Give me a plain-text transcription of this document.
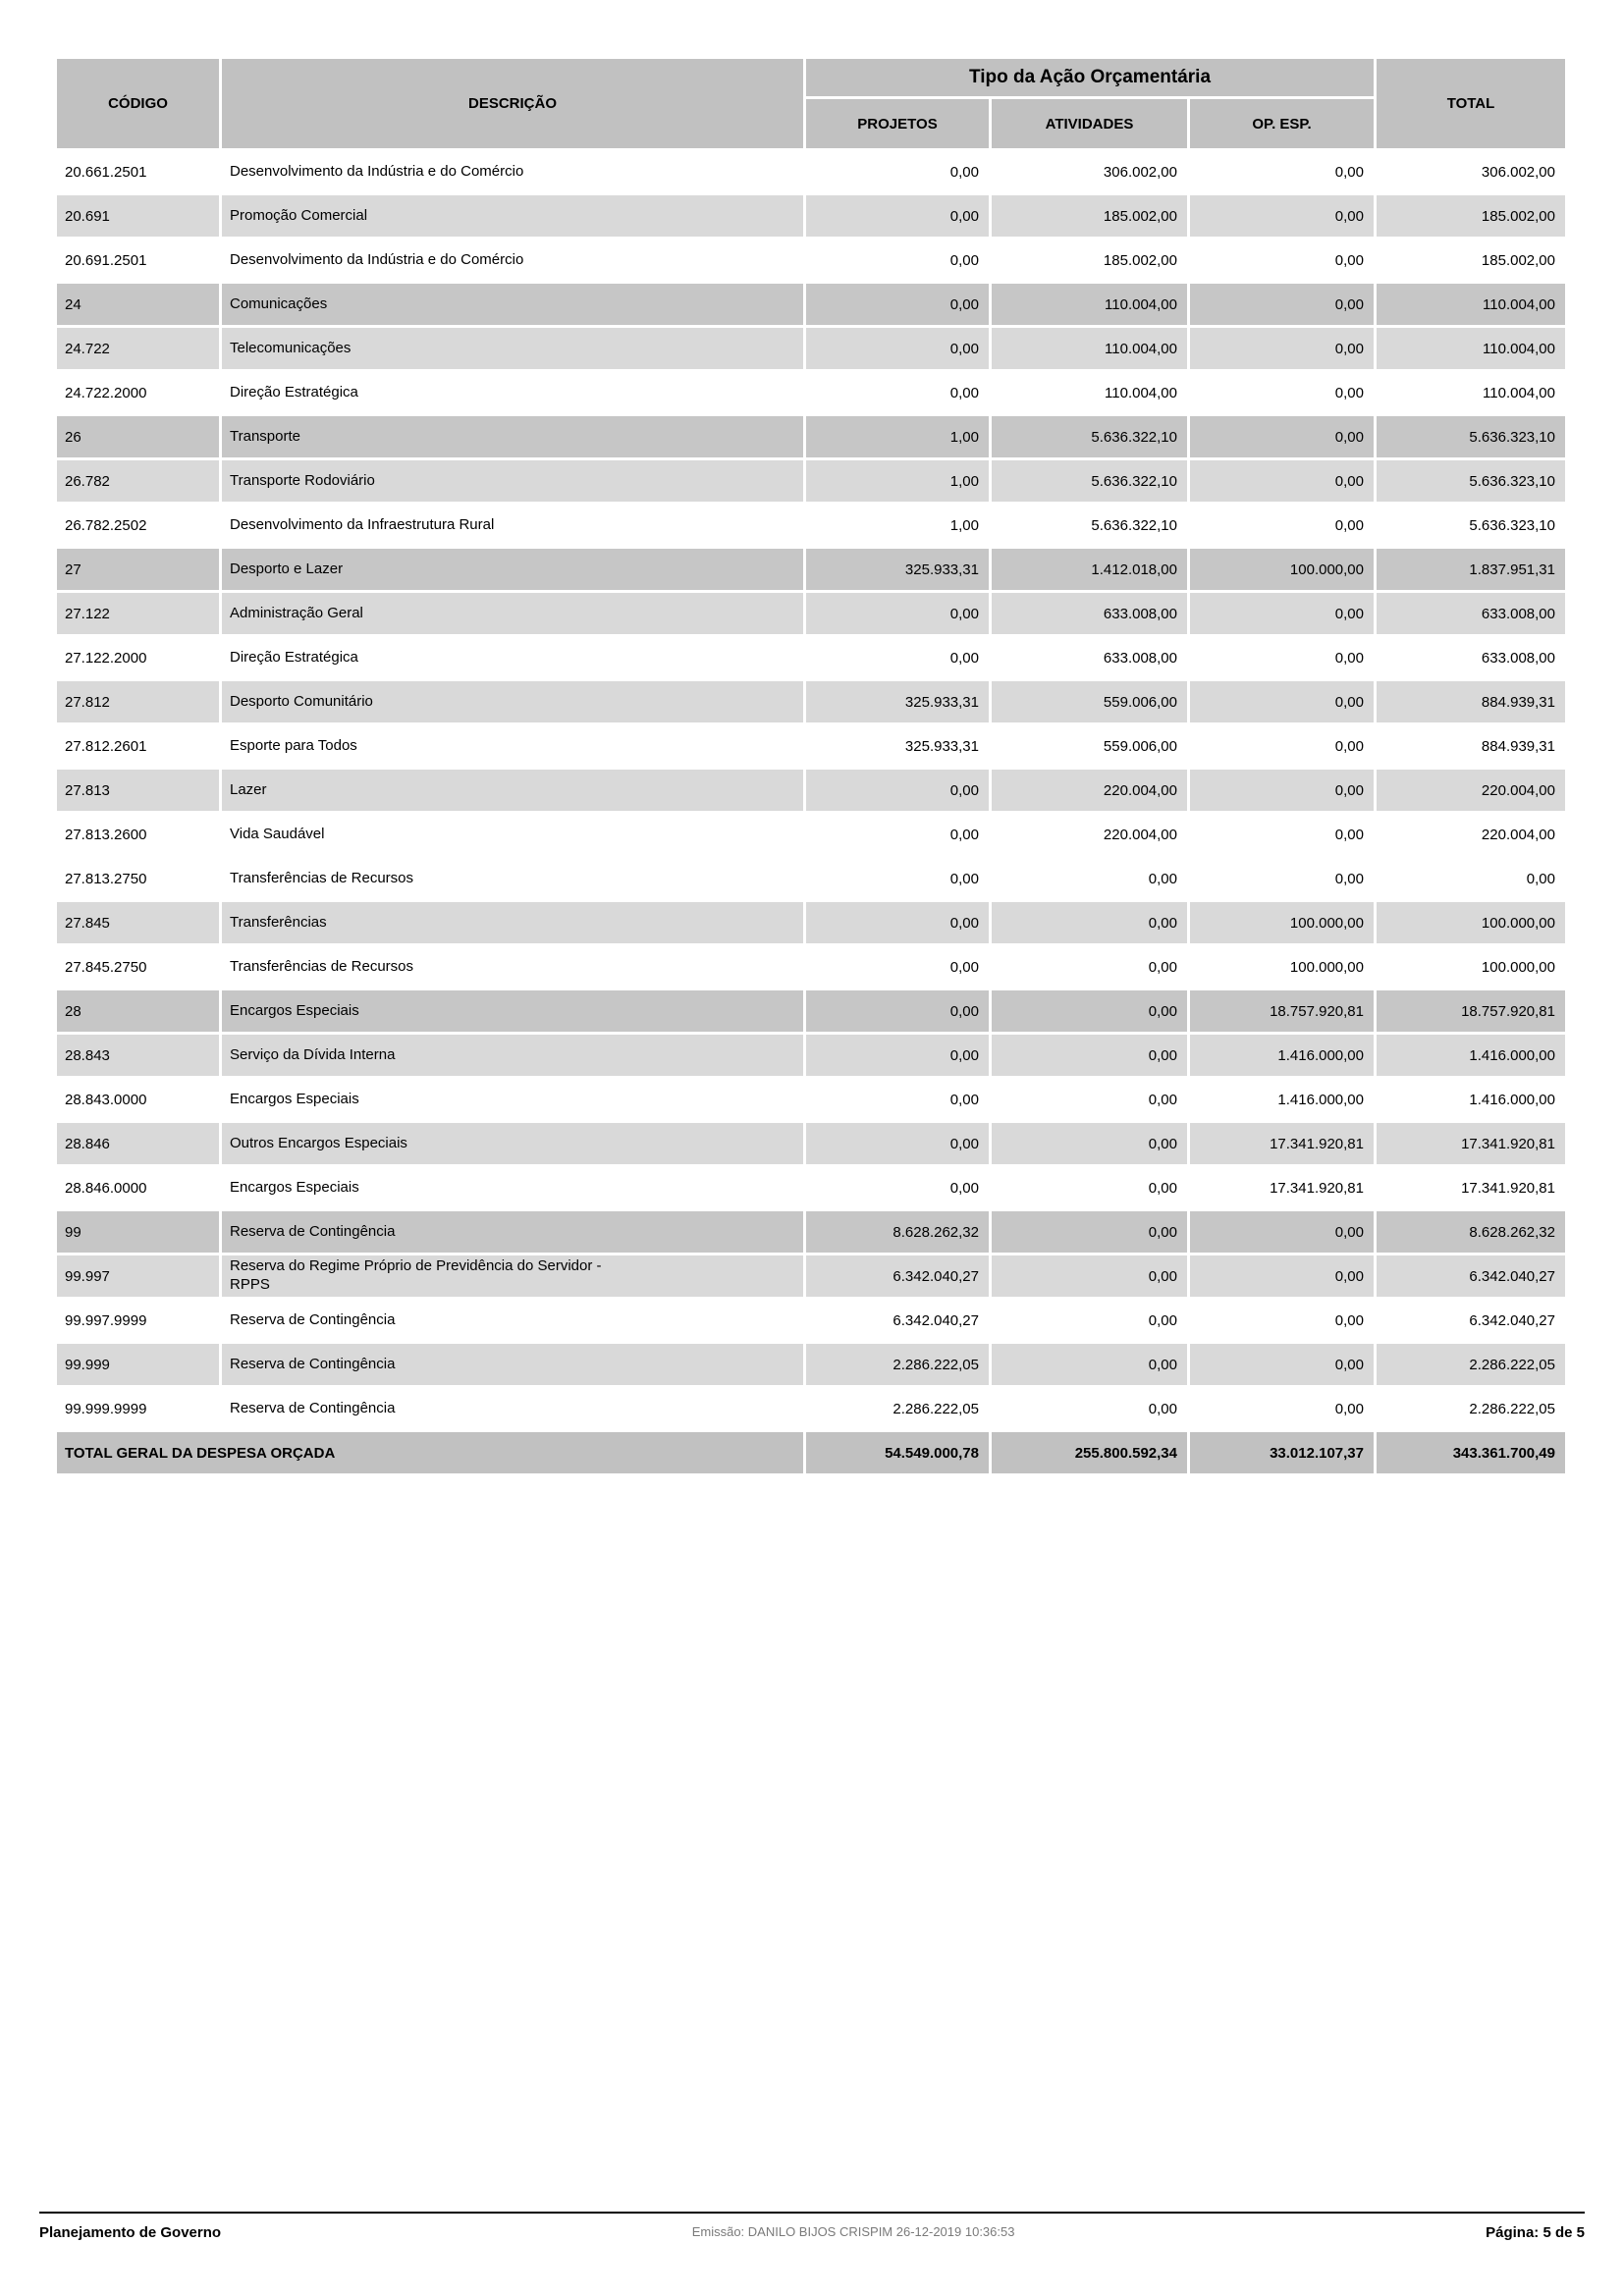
CÓDIGO	DESCRIÇÃO	Tipo da Ação Orçamentária			TOTAL
		PROJETOS	ATIVIDADES	OP. ESP.	
20.661.2501	Desenvolvimento da Indústria e do Comércio	0,00	306.002,00	0,00	306.002,00
20.691	Promoção Comercial	0,00	185.002,00	0,00	185.002,00
20.691.2501	Desenvolvimento da Indústria e do Comércio	0,00	185.002,00	0,00	185.002,00
24	Comunicações	0,00	110.004,00	0,00	110.004,00
24.722	Telecomunicações	0,00	110.004,00	0,00	110.004,00
24.722.2000	Direção Estratégica	0,00	110.004,00	0,00	110.004,00
26	Transporte	1,00	5.636.322,10	0,00	5.636.323,10
26.782	Transporte Rodoviário	1,00	5.636.322,10	0,00	5.636.323,10
26.782.2502	Desenvolvimento da Infraestrutura Rural	1,00	5.636.322,10	0,00	5.636.323,10
27	Desporto e Lazer	325.933,31	1.412.018,00	100.000,00	1.837.951,31
27.122	Administração Geral	0,00	633.008,00	0,00	633.008,00
27.122.2000	Direção Estratégica	0,00	633.008,00	0,00	633.008,00
27.812	Desporto Comunitário	325.933,31	559.006,00	0,00	884.939,31
27.812.2601	Esporte para Todos	325.933,31	559.006,00	0,00	884.939,31
27.813	Lazer	0,00	220.004,00	0,00	220.004,00
27.813.2600	Vida Saudável	0,00	220.004,00	0,00	220.004,00
27.813.2750	Transferências de Recursos	0,00	0,00	0,00	0,00
27.845	Transferências	0,00	0,00	100.000,00	100.000,00
27.845.2750	Transferências de Recursos	0,00	0,00	100.000,00	100.000,00
28	Encargos Especiais	0,00	0,00	18.757.920,81	18.757.920,81
28.843	Serviço da Dívida Interna	0,00	0,00	1.416.000,00	1.416.000,00
28.843.0000	Encargos Especiais	0,00	0,00	1.416.000,00	1.416.000,00
28.846	Outros Encargos Especiais	0,00	0,00	17.341.920,81	17.341.920,81
28.846.0000	Encargos Especiais	0,00	0,00	17.341.920,81	17.341.920,81
99	Reserva de Contingência	8.628.262,32	0,00	0,00	8.628.262,32
99.997	Reserva do Regime Próprio de Previdência do Servidor - RPPS	6.342.040,27	0,00	0,00	6.342.040,27
99.997.9999	Reserva de Contingência	6.342.040,27	0,00	0,00	6.342.040,27
99.999	Reserva de Contingência	2.286.222,05	0,00	0,00	2.286.222,05
99.999.9999	Reserva de Contingência	2.286.222,05	0,00	0,00	2.286.222,05
TOTAL GERAL DA DESPESA ORÇADA		54.549.000,78	255.800.592,34	33.012.107,37	343.361.700,49
Planejamento de Governo	Emissão: DANILO BIJOS CRISPIM 26-12-2019 10:36:53	Página: 5 de 5
